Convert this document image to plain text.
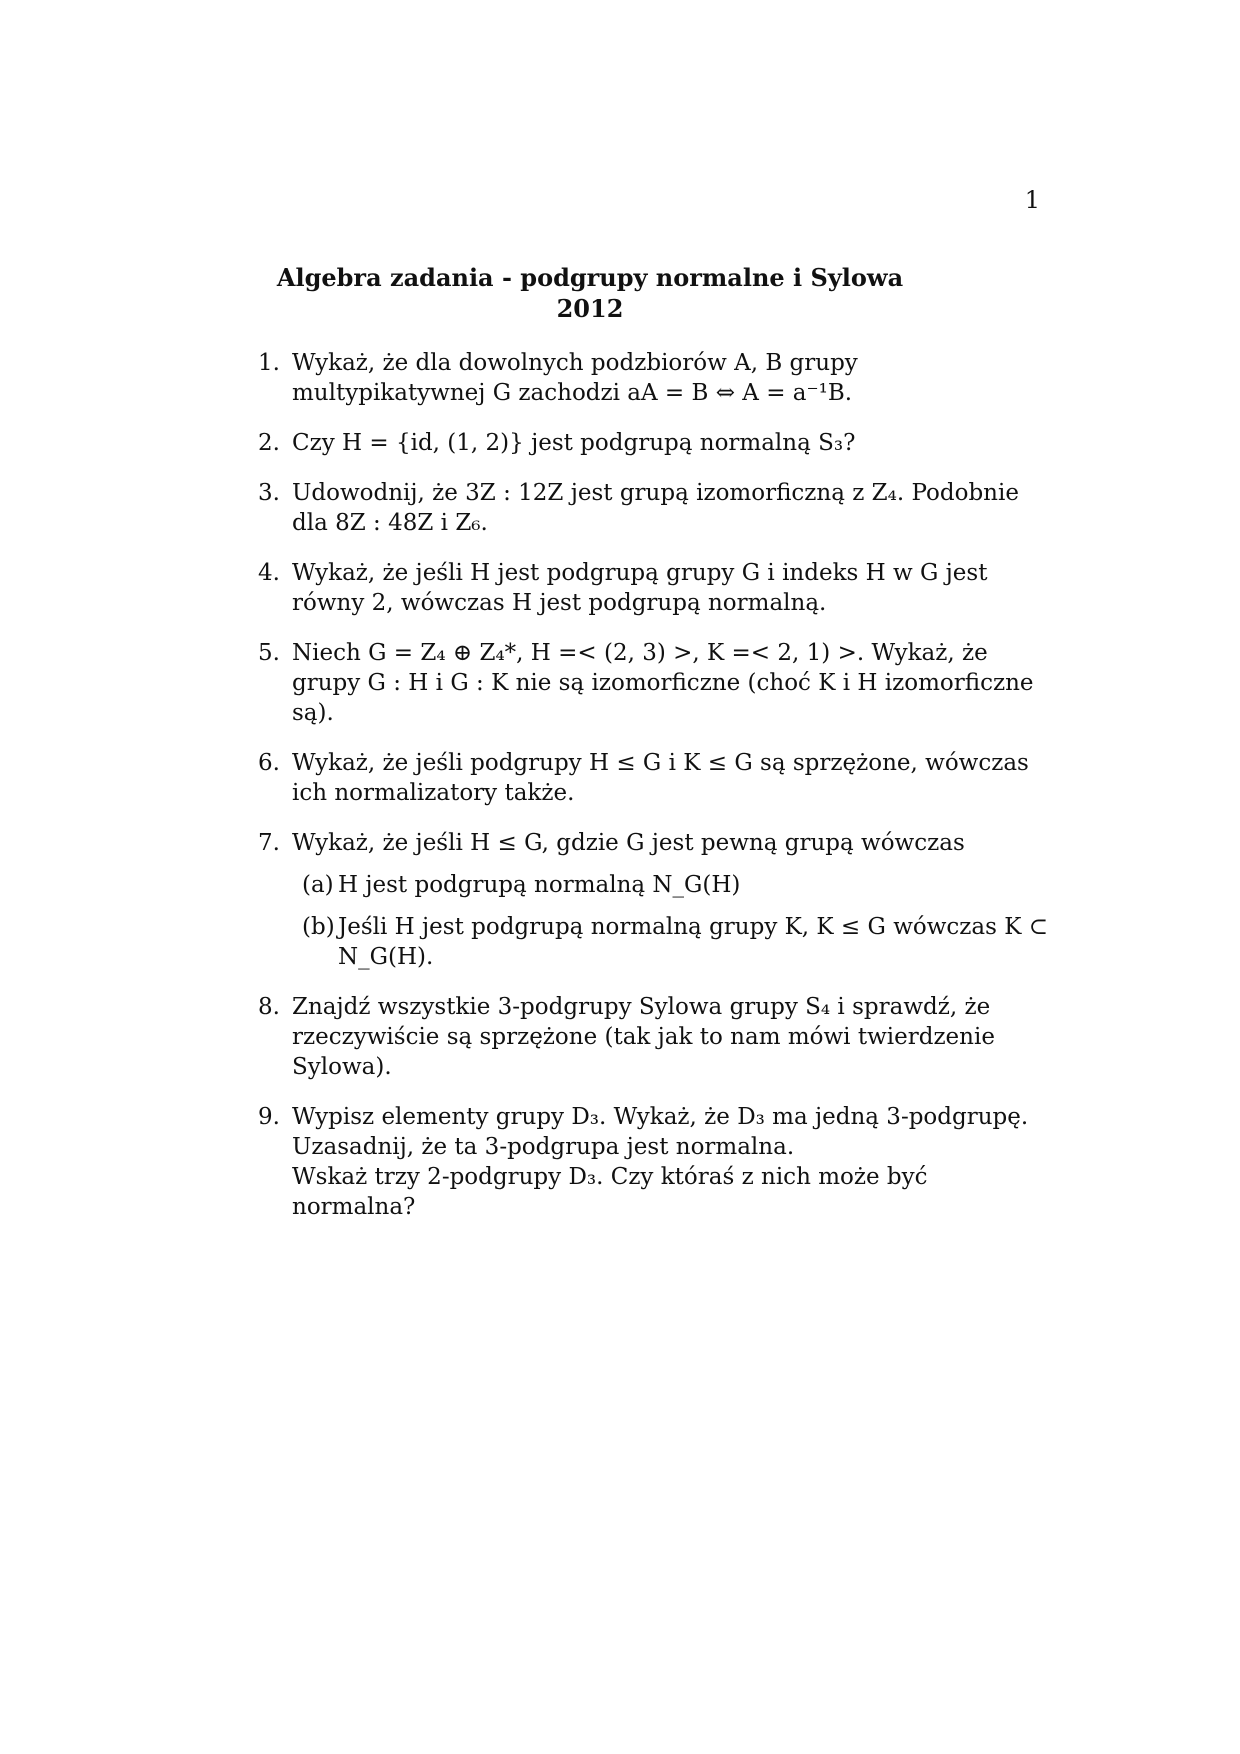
1
Algebra zadania - podgrupy normalne i Sylowa
2012
1. Wykaż, że dla dowolnych podzbiorów A, B grupy multypikatywnej G zachodzi aA = B ⇔ A = a⁻¹B.

2. Czy H = {id, (1, 2)} jest podgrupą normalną S₃?

3. Udowodnij, że 3Z : 12Z jest grupą izomorficzną z Z₄. Podobnie dla 8Z : 48Z i Z₆.

4. Wykaż, że jeśli H jest podgrupą grupy G i indeks H w G jest równy 2, wówczas H jest podgrupą normalną.

5. Niech G = Z₄ ⊕ Z₄*, H =< (2, 3) >, K =< 2, 1) >. Wykaż, że grupy G : H i G : K nie są izomorficzne (choć K i H izomorficzne są).

6. Wykaż, że jeśli podgrupy H ≤ G i K ≤ G są sprzężone, wówczas ich normalizatory także.

7. Wykaż, że jeśli H ≤ G, gdzie G jest pewną grupą wówczas

(a) H jest podgrupą normalną N_G(H)

(b) Jeśli H jest podgrupą normalną grupy K, K ≤ G wówczas K ⊂ N_G(H).

8. Znajdź wszystkie 3-podgrupy Sylowa grupy S₄ i sprawdź, że rzeczywiście są sprzężone (tak jak to nam mówi twierdzenie Sylowa).

9. Wypisz elementy grupy D₃. Wykaż, że D₃ ma jedną 3-podgrupę. Uzasadnij, że ta 3-podgrupa jest normalna.

Wskaż trzy 2-podgrupy D₃. Czy któraś z nich może być normalna?
